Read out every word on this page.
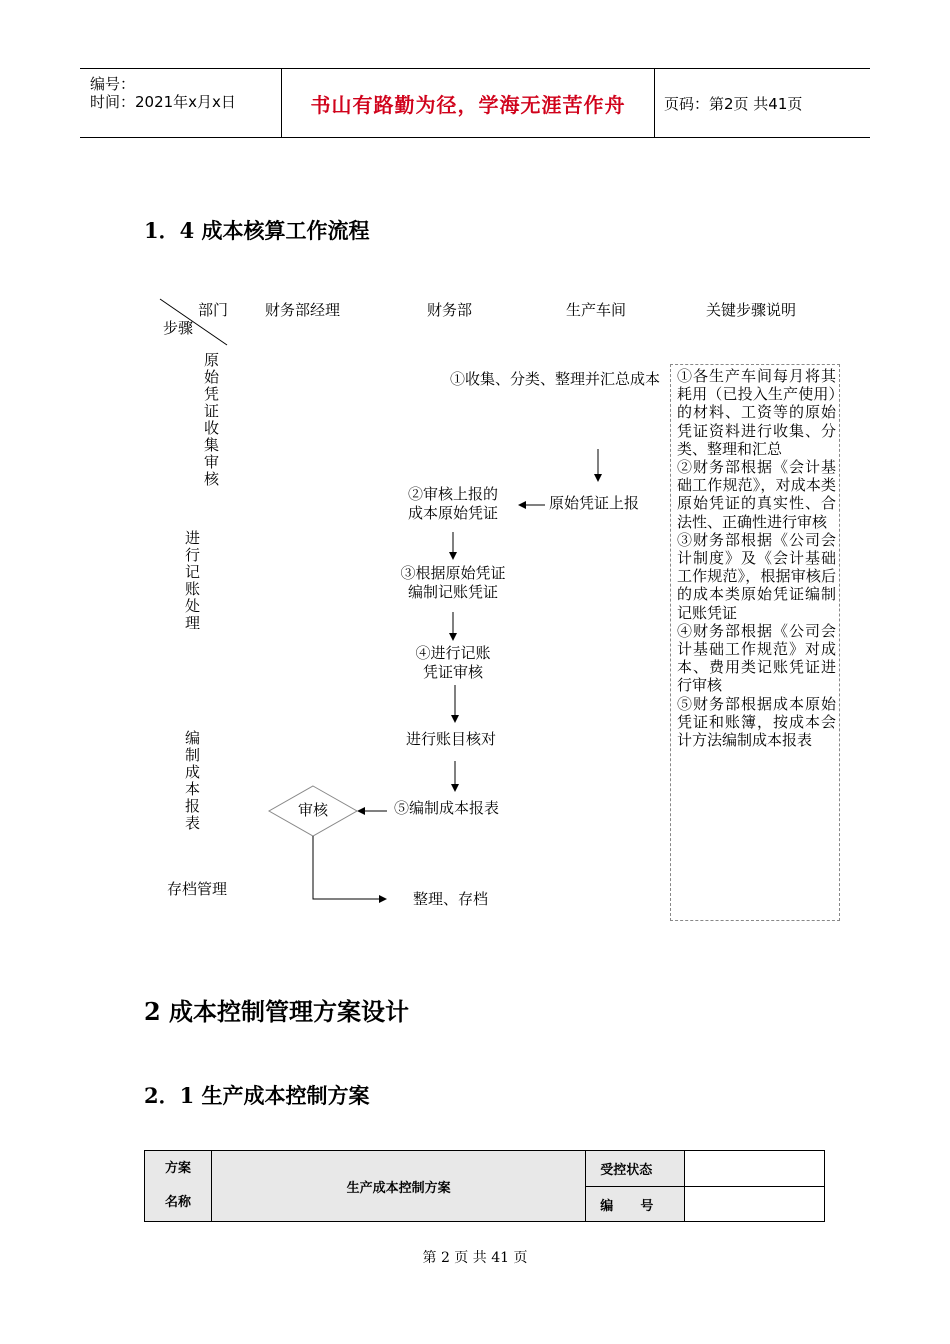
编号：
时间：2021年x月x日	书山有路勤为径，学海无涯苦作舟	页码：第2页 共41页
1．4 成本核算工作流程
部门
步骤
财务部经理	财务部	生产车间	关键步骤说明
原始凭证收集审核
进行记账处理
编制成本报表
存档管理
①收集、分类、整理并汇总成本
原始凭证上报
②审核上报的
成本原始凭证
③根据原始凭证
编制记账凭证
④进行记账
凭证审核
进行账目核对
⑤编制成本报表
审核
整理、存档

①各生产车间每月将其耗用（已投入生产使用）的材料、工资等的原始凭证资料进行收集、分类、整理和汇总

②财务部根据《会计基础工作规范》，对成本类原始凭证的真实性、合法性、正确性进行审核

③财务部根据《公司会计制度》及《会计基础工作规范》，根据审核后的成本类原始凭证编制记账凭证

④财务部根据《公司会计基础工作规范》对成本、费用类记账凭证进行审核

⑤财务部根据成本原始凭证和账簿，按成本会计方法编制成本报表

2 成本控制管理方案设计
2．1 生产成本控制方案
方案
名称	生产成本控制方案	受控状态	
		编      号	
第 2 页 共 41 页
